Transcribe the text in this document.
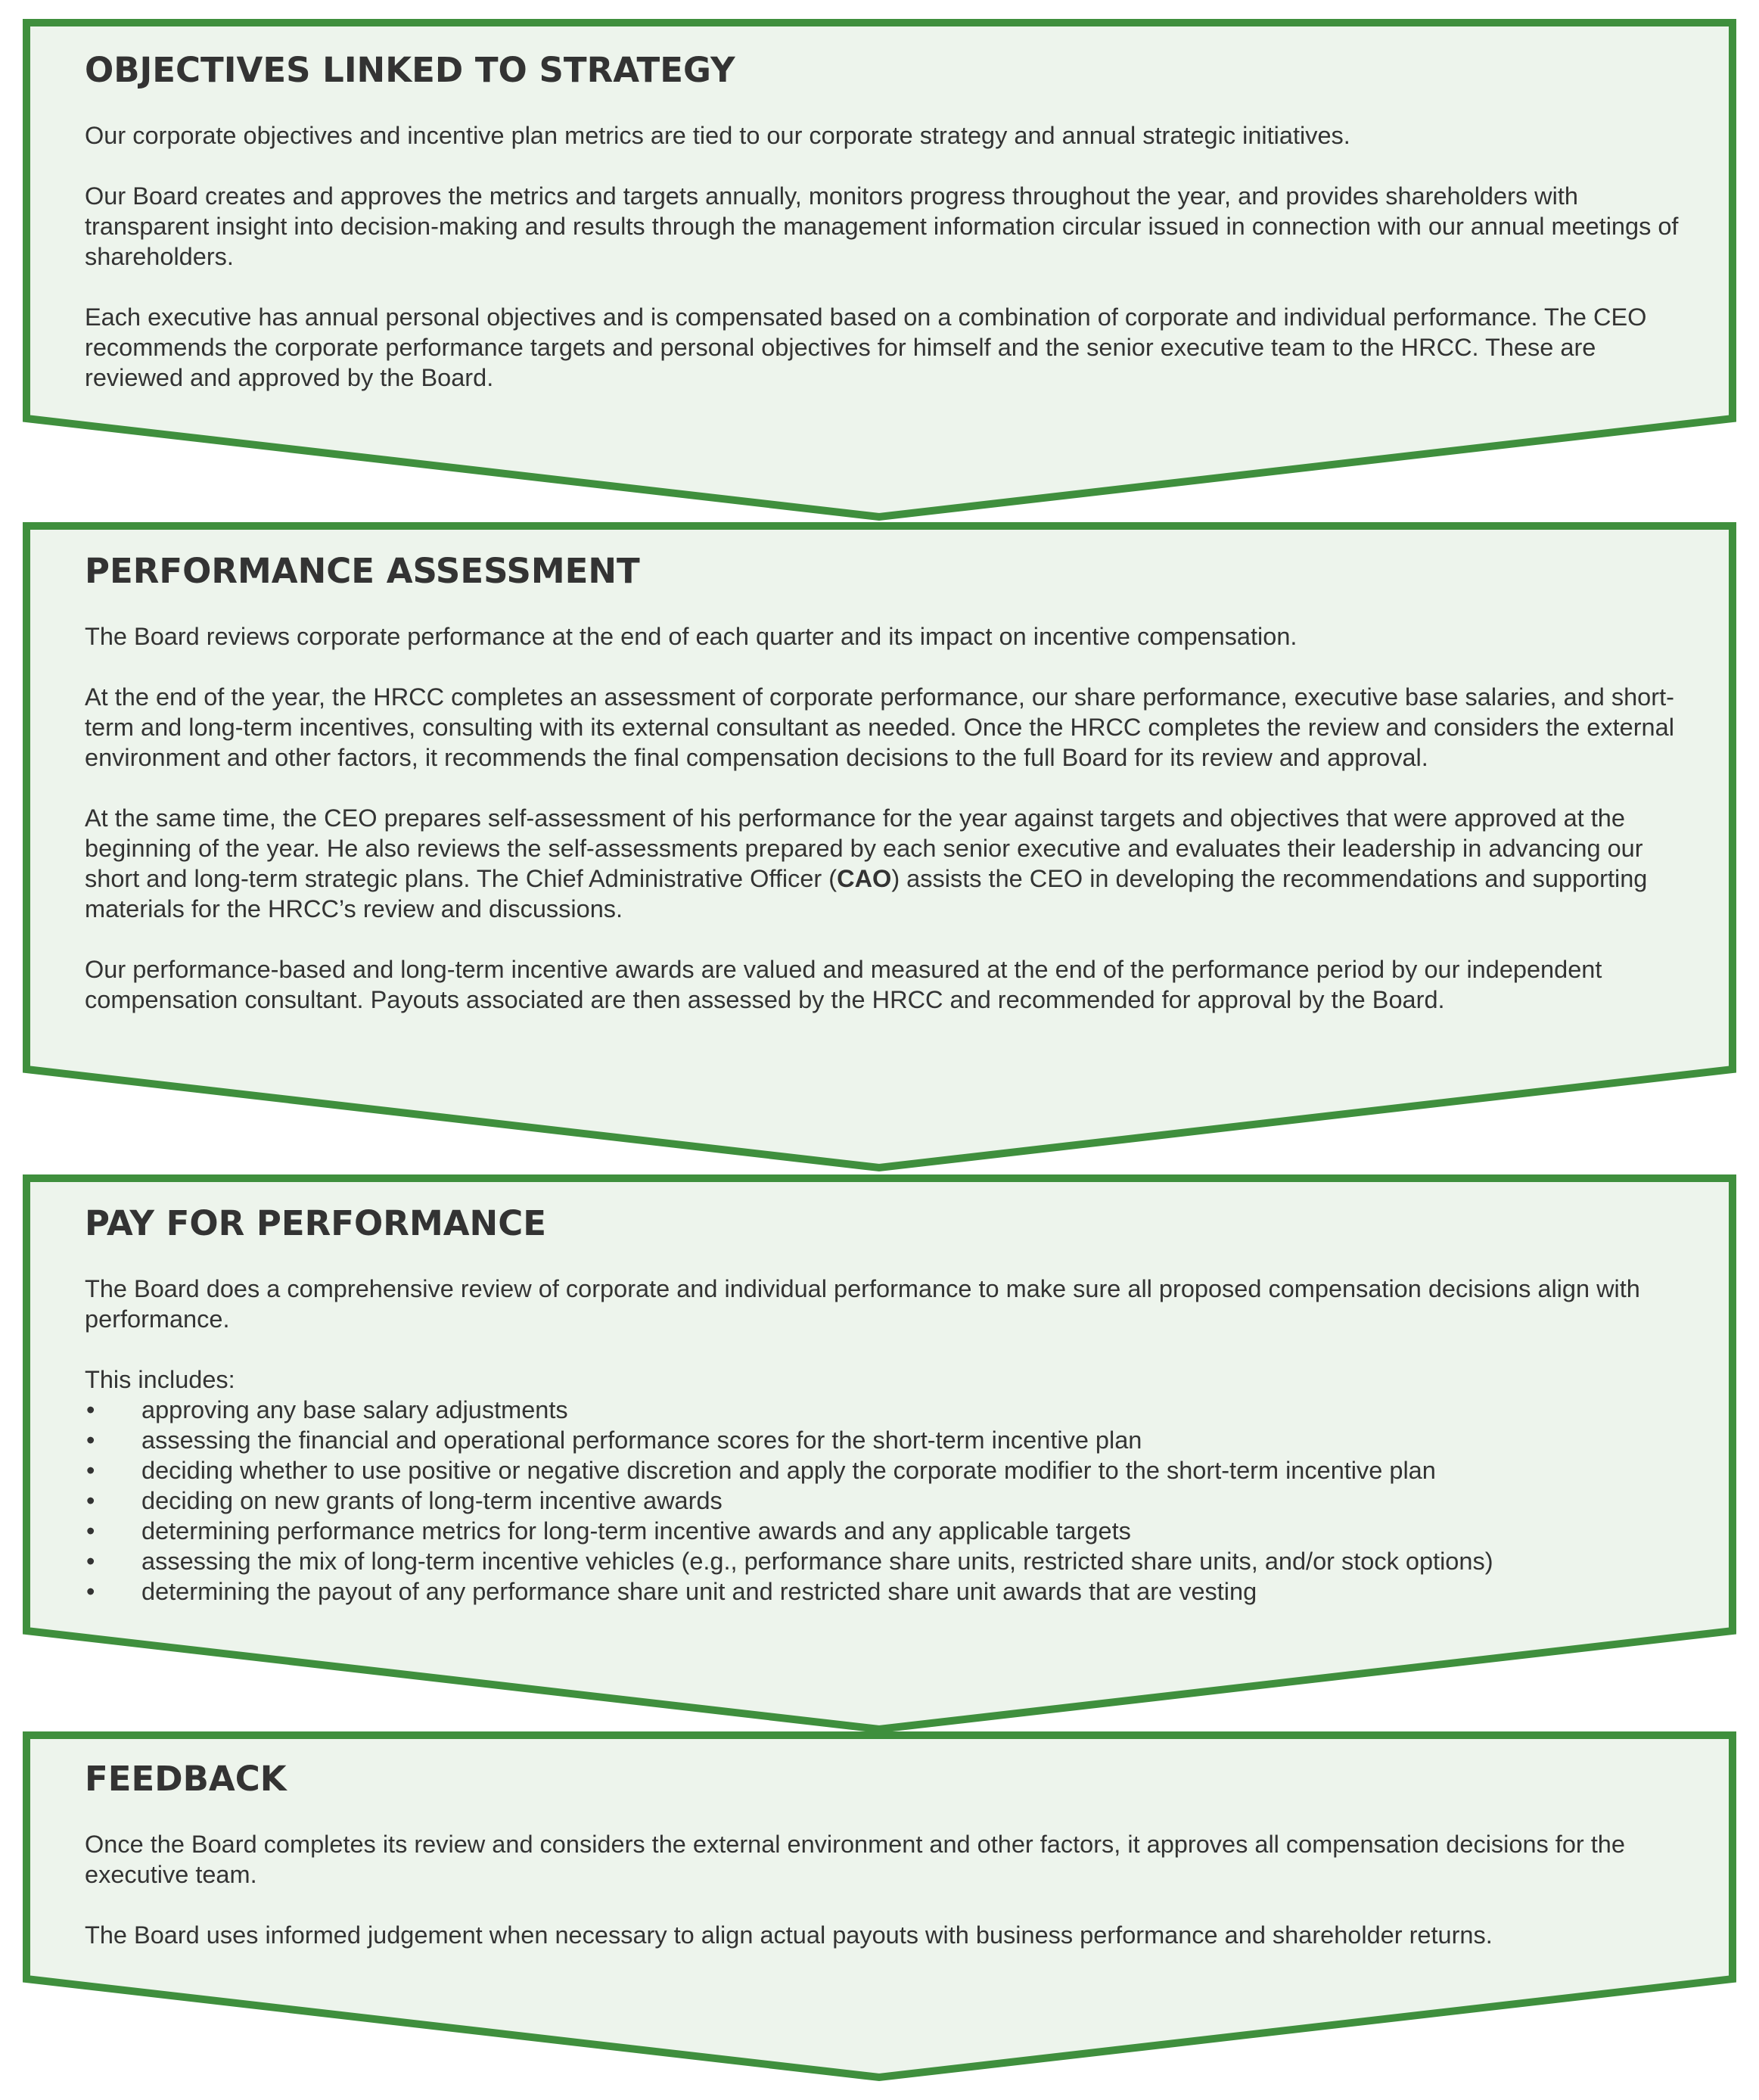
OBJECTIVES LINKED TO STRATEGY

Our corporate objectives and incentive plan metrics are tied to our corporate strategy and annual strategic initiatives.

Our Board creates and approves the metrics and targets annually, monitors progress throughout the year, and provides shareholders with transparent insight into decision-making and results through the management information circular issued in connection with our annual meetings of shareholders.

Each executive has annual personal objectives and is compensated based on a combination of corporate and individual performance. The CEO recommends the corporate performance targets and personal objectives for himself and the senior executive team to the HRCC. These are reviewed and approved by the Board.

PERFORMANCE ASSESSMENT

The Board reviews corporate performance at the end of each quarter and its impact on incentive compensation.

At the end of the year, the HRCC completes an assessment of corporate performance, our share performance, executive base salaries, and short-term and long-term incentives, consulting with its external consultant as needed. Once the HRCC completes the review and considers the external environment and other factors, it recommends the final compensation decisions to the full Board for its review and approval.

At the same time, the CEO prepares self-assessment of his performance for the year against targets and objectives that were approved at the beginning of the year. He also reviews the self-assessments prepared by each senior executive and evaluates their leadership in advancing our short and long-term strategic plans. The Chief Administrative Officer (CAO) assists the CEO in developing the recommendations and supporting materials for the HRCC’s review and discussions.

Our performance-based and long-term incentive awards are valued and measured at the end of the performance period by our independent compensation consultant. Payouts associated are then assessed by the HRCC and recommended for approval by the Board.

PAY FOR PERFORMANCE

The Board does a comprehensive review of corporate and individual performance to make sure all proposed compensation decisions align with performance.

This includes:
• approving any base salary adjustments
• assessing the financial and operational performance scores for the short-term incentive plan
• deciding whether to use positive or negative discretion and apply the corporate modifier to the short-term incentive plan
• deciding on new grants of long-term incentive awards
• determining performance metrics for long-term incentive awards and any applicable targets
• assessing the mix of long-term incentive vehicles (e.g., performance share units, restricted share units, and/or stock options)
• determining the payout of any performance share unit and restricted share unit awards that are vesting
FEEDBACK

Once the Board completes its review and considers the external environment and other factors, it approves all compensation decisions for the executive team.

The Board uses informed judgement when necessary to align actual payouts with business performance and shareholder returns.
